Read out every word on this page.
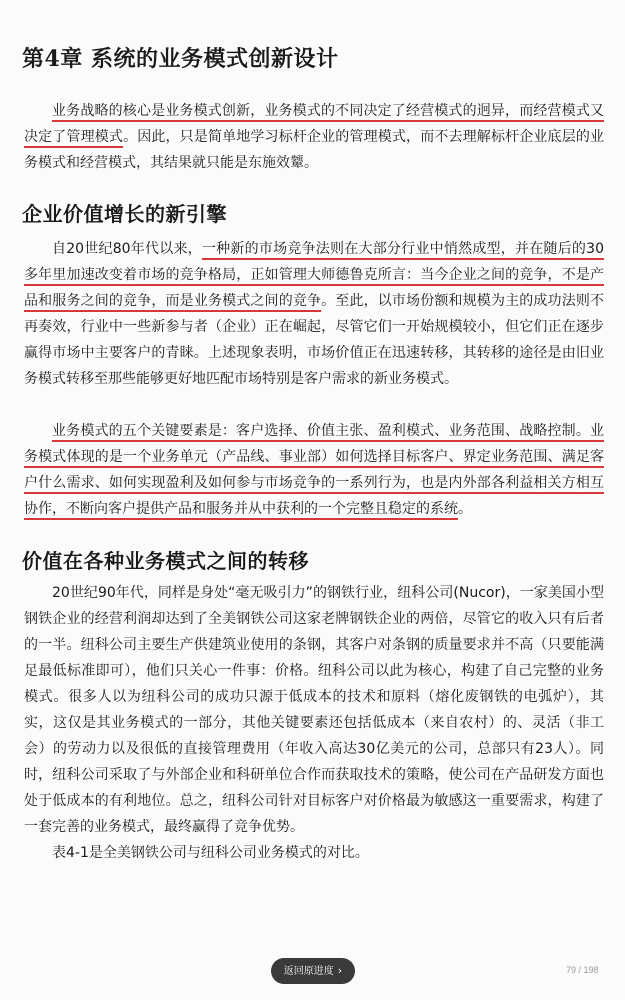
第4章 系统的业务模式创新设计

业务战略的核心是业务模式创新，业务模式的不同决定了经营模式的迥异，而经营模式又决定了管理模式。因此，只是简单地学习标杆企业的管理模式，而不去理解标杆企业底层的业务模式和经营模式，其结果就只能是东施效颦。

企业价值增长的新引擎

自20世纪80年代以来，一种新的市场竞争法则在大部分行业中悄然成型，并在随后的30多年里加速改变着市场的竞争格局，正如管理大师德鲁克所言：当今企业之间的竞争，不是产品和服务之间的竞争，而是业务模式之间的竞争。至此，以市场份额和规模为主的成功法则不再奏效，行业中一些新参与者（企业）正在崛起，尽管它们一开始规模较小，但它们正在逐步赢得市场中主要客户的青睐。上述现象表明，市场价值正在迅速转移，其转移的途径是由旧业务模式转移至那些能够更好地匹配市场特别是客户需求的新业务模式。

业务模式的五个关键要素是：客户选择、价值主张、盈利模式、业务范围、战略控制。业务模式体现的是一个业务单元（产品线、事业部）如何选择目标客户、界定业务范围、满足客户什么需求、如何实现盈利及如何参与市场竞争的一系列行为，也是内外部各利益相关方相互协作，不断向客户提供产品和服务并从中获利的一个完整且稳定的系统。

价值在各种业务模式之间的转移

20世纪90年代，同样是身处“毫无吸引力”的钢铁行业，纽科公司(Nucor)，一家美国小型钢铁企业的经营利润却达到了全美钢铁公司这家老牌钢铁企业的两倍，尽管它的收入只有后者的一半。纽科公司主要生产供建筑业使用的条钢，其客户对条钢的质量要求并不高（只要能满足最低标准即可），他们只关心一件事：价格。纽科公司以此为核心，构建了自己完整的业务模式。很多人以为纽科公司的成功只源于低成本的技术和原料（熔化废钢铁的电弧炉），其实，这仅是其业务模式的一部分，其他关键要素还包括低成本（来自农村）的、灵活（非工会）的劳动力以及很低的直接管理费用（年收入高达30亿美元的公司，总部只有23人）。同时，纽科公司采取了与外部企业和科研单位合作而获取技术的策略，使公司在产品研发方面也处于低成本的有利地位。总之，纽科公司针对目标客户对价格最为敏感这一重要需求，构建了一套完善的业务模式，最终赢得了竞争优势。

表4-1是全美钢铁公司与纽科公司业务模式的对比。

返回原进度 ›	79 / 198
